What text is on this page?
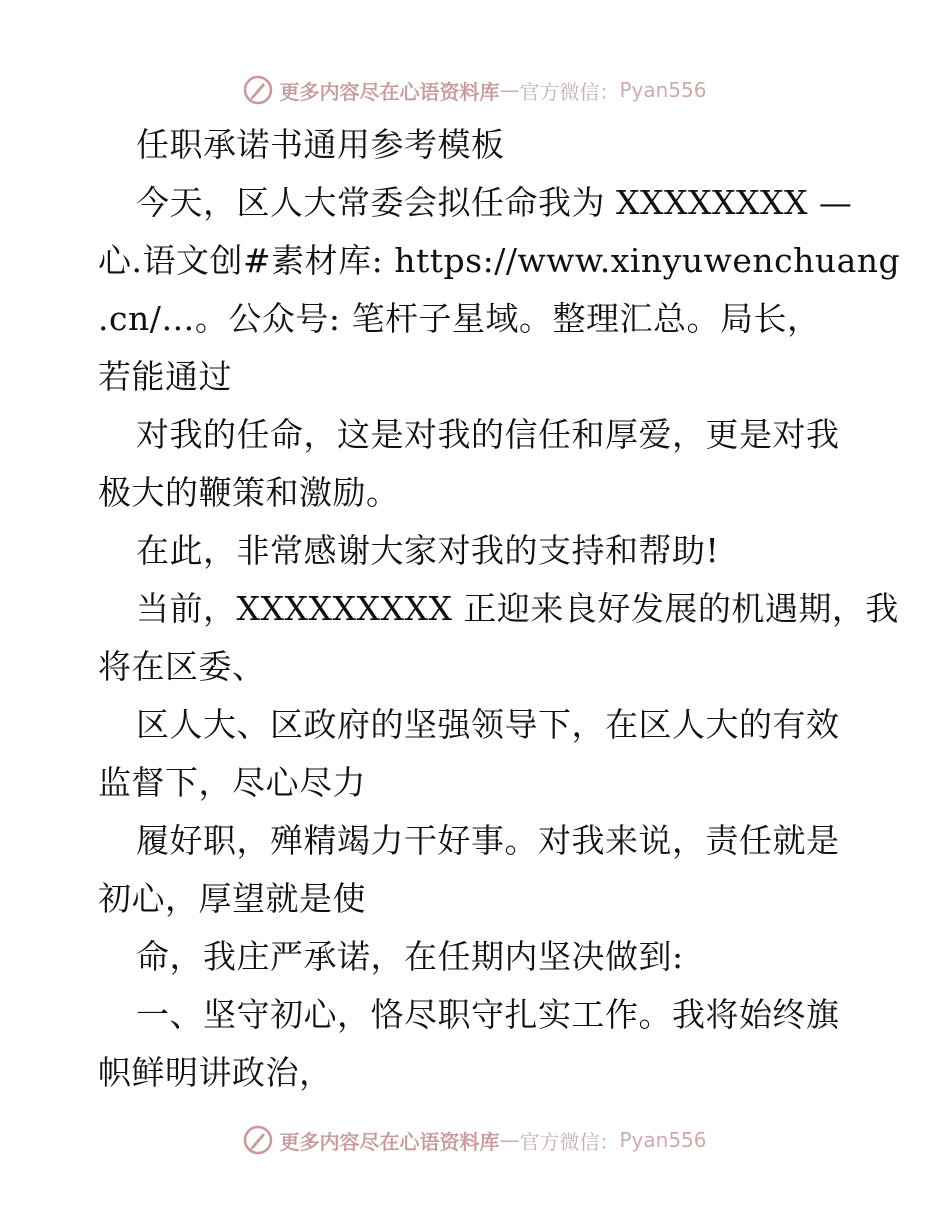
更多内容尽在心语资料库 — 官方微信： Pyan556
任职承诺书通用参考模板
今天，区人大常委会拟任命我为 XXXXXXXX —
心.语文创#素材库: https://www.xinyuwenchuang
.cn/…。公众号: 笔杆子星域。整理汇总。局长，
若能通过
对我的任命，这是对我的信任和厚爱，更是对我
极大的鞭策和激励。
在此，非常感谢大家对我的支持和帮助!
当前，XXXXXXXXX 正迎来良好发展的机遇期，我
将在区委、
区人大、区政府的坚强领导下，在区人大的有效
监督下，尽心尽力
履好职，殚精竭力干好事。对我来说，责任就是
初心，厚望就是使
命，我庄严承诺，在任期内坚决做到:
一、坚守初心，恪尽职守扎实工作。我将始终旗
帜鲜明讲政治，
更多内容尽在心语资料库 — 官方微信： Pyan556
